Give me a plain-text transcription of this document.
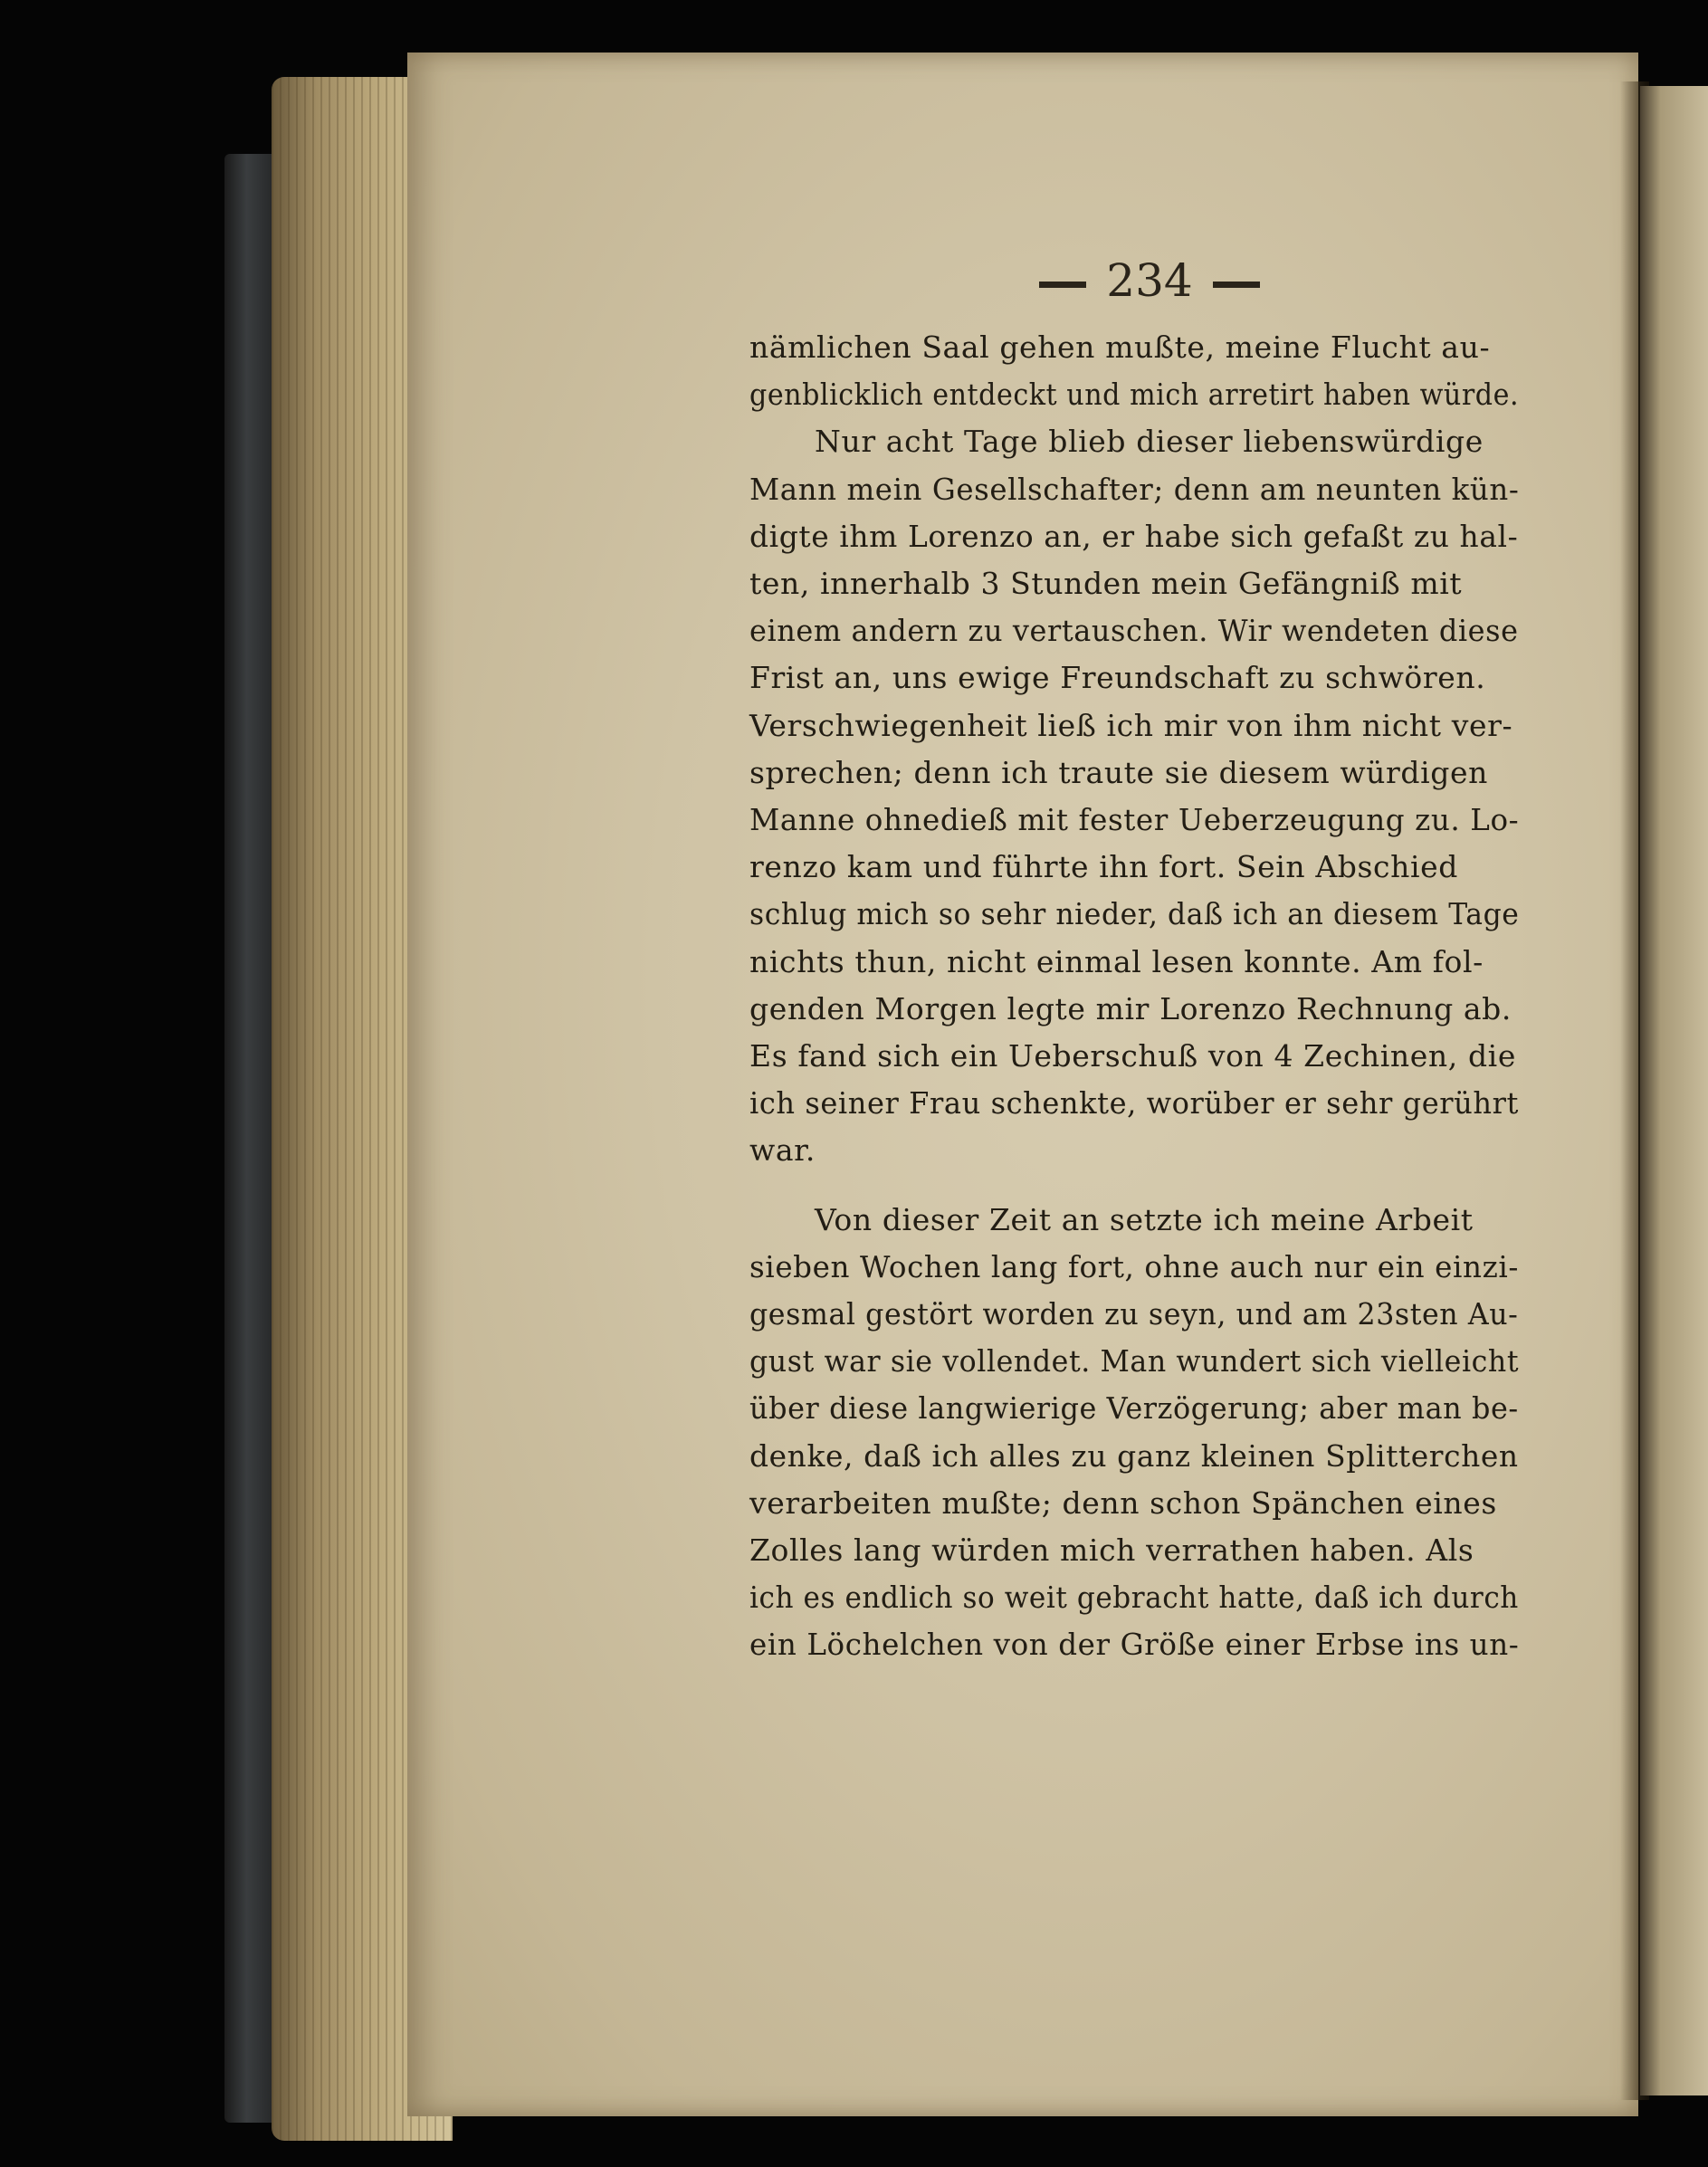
234

nämlichen Saal gehen mußte, meine Flucht au-
genblicklich entdeckt und mich arretirt haben würde.

Nur acht Tage blieb dieser liebenswürdige
Mann mein Gesellschafter; denn am neunten kün-
digte ihm Lorenzo an, er habe sich gefaßt zu hal-
ten, innerhalb 3 Stunden mein Gefängniß mit
einem andern zu vertauschen. Wir wendeten diese
Frist an, uns ewige Freundschaft zu schwören.
Verschwiegenheit ließ ich mir von ihm nicht ver-
sprechen; denn ich traute sie diesem würdigen
Manne ohnedieß mit fester Ueberzeugung zu. Lo-
renzo kam und führte ihn fort. Sein Abschied
schlug mich so sehr nieder, daß ich an diesem Tage
nichts thun, nicht einmal lesen konnte. Am fol-
genden Morgen legte mir Lorenzo Rechnung ab.
Es fand sich ein Ueberschuß von 4 Zechinen, die
ich seiner Frau schenkte, worüber er sehr gerührt
war.

Von dieser Zeit an setzte ich meine Arbeit
sieben Wochen lang fort, ohne auch nur ein einzi-
gesmal gestört worden zu seyn, und am 23sten Au-
gust war sie vollendet. Man wundert sich vielleicht
über diese langwierige Verzögerung; aber man be-
denke, daß ich alles zu ganz kleinen Splitterchen
verarbeiten mußte; denn schon Spänchen eines
Zolles lang würden mich verrathen haben. Als
ich es endlich so weit gebracht hatte, daß ich durch
ein Löchelchen von der Größe einer Erbse ins un-
